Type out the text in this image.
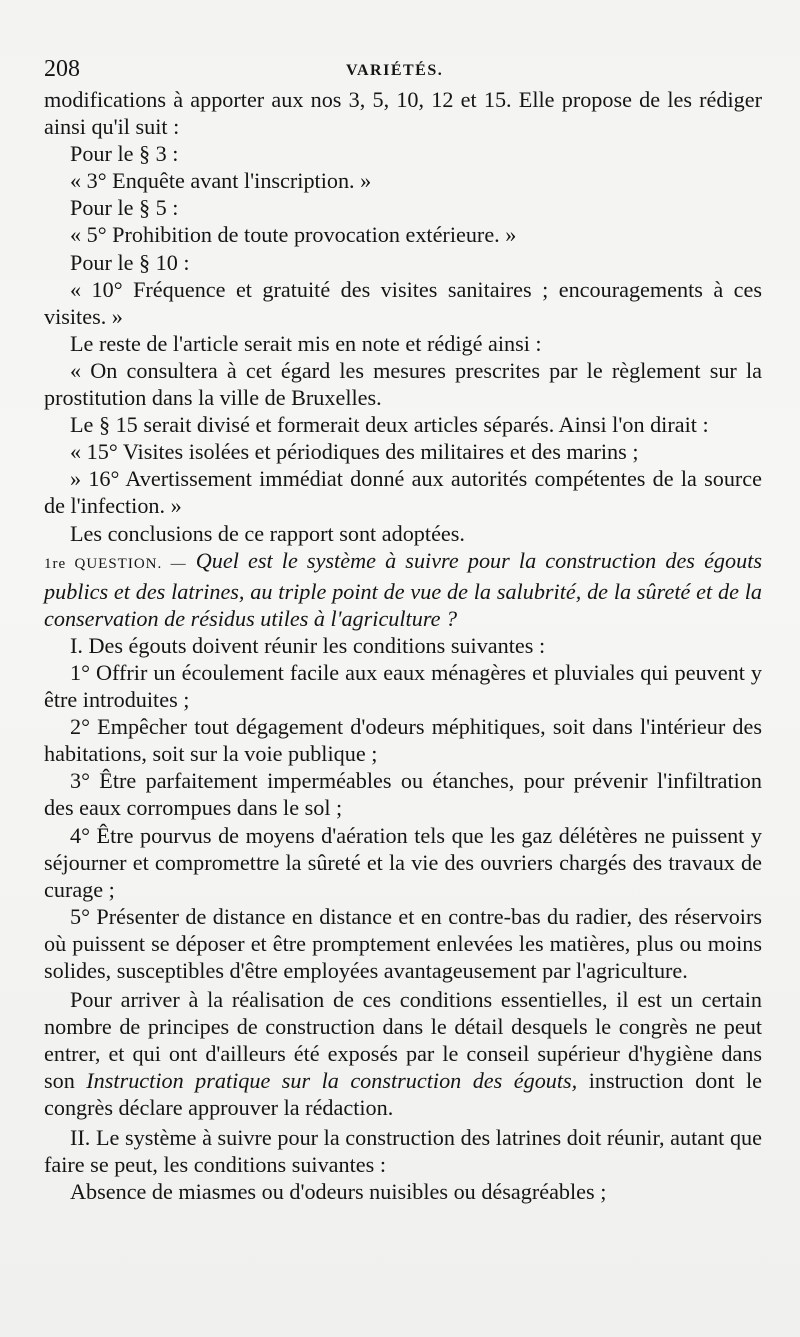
208	VARIÉTÉS.

modifications à apporter aux nos 3, 5, 10, 12 et 15. Elle propose de les rédiger ainsi qu'il suit :

Pour le § 3 :

« 3° Enquête avant l'inscription. »

Pour le § 5 :

« 5° Prohibition de toute provocation extérieure. »

Pour le § 10 :

« 10° Fréquence et gratuité des visites sanitaires ; encouragements à ces visites. »

Le reste de l'article serait mis en note et rédigé ainsi :

« On consultera à cet égard les mesures prescrites par le règlement sur la prostitution dans la ville de Bruxelles.

Le § 15 serait divisé et formerait deux articles séparés. Ainsi l'on dirait :

« 15° Visites isolées et périodiques des militaires et des marins ;

» 16° Avertissement immédiat donné aux autorités compétentes de la source de l'infection. »

Les conclusions de ce rapport sont adoptées.

1re QUESTION. — Quel est le système à suivre pour la construction des égouts publics et des latrines, au triple point de vue de la salubrité, de la sûreté et de la conservation de résidus utiles à l'agriculture ?

I. Des égouts doivent réunir les conditions suivantes :

1° Offrir un écoulement facile aux eaux ménagères et pluviales qui peuvent y être introduites ;

2° Empêcher tout dégagement d'odeurs méphitiques, soit dans l'intérieur des habitations, soit sur la voie publique ;

3° Être parfaitement imperméables ou étanches, pour prévenir l'infiltration des eaux corrompues dans le sol ;

4° Être pourvus de moyens d'aération tels que les gaz délétères ne puissent y séjourner et compromettre la sûreté et la vie des ouvriers chargés des travaux de curage ;

5° Présenter de distance en distance et en contre-bas du radier, des réservoirs où puissent se déposer et être promptement enlevées les matières, plus ou moins solides, susceptibles d'être employées avantageusement par l'agriculture.

Pour arriver à la réalisation de ces conditions essentielles, il est un certain nombre de principes de construction dans le détail desquels le congrès ne peut entrer, et qui ont d'ailleurs été exposés par le conseil supérieur d'hygiène dans son Instruction pratique sur la construction des égouts, instruction dont le congrès déclare approuver la rédaction.

II. Le système à suivre pour la construction des latrines doit réunir, autant que faire se peut, les conditions suivantes :

Absence de miasmes ou d'odeurs nuisibles ou désagréables ;
